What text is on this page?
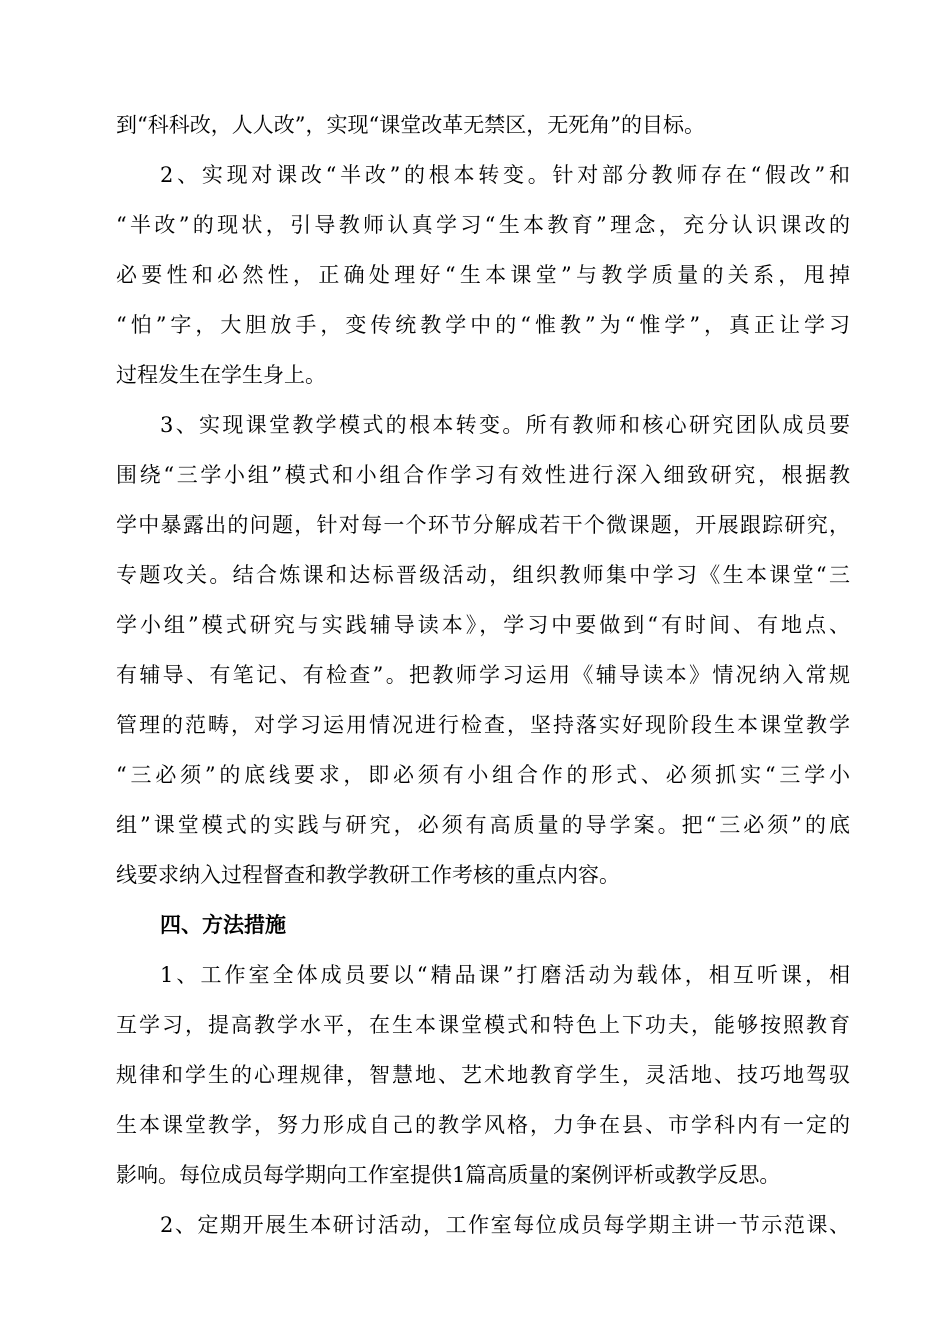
到“科科改，人人改”，实现“课堂改革无禁区，无死角”的目标。
2、实现对课改“半改”的根本转变。针对部分教师存在“假改”和
“半改”的现状，引导教师认真学习“生本教育”理念，充分认识课改的
必要性和必然性，正确处理好“生本课堂”与教学质量的关系，甩掉
“怕”字，大胆放手，变传统教学中的“惟教”为“惟学”，真正让学习
过程发生在学生身上。
3、实现课堂教学模式的根本转变。所有教师和核心研究团队成员要
围绕“三学小组”模式和小组合作学习有效性进行深入细致研究，根据教
学中暴露出的问题，针对每一个环节分解成若干个微课题，开展跟踪研究，
专题攻关。结合炼课和达标晋级活动，组织教师集中学习《生本课堂“三
学小组”模式研究与实践辅导读本》，学习中要做到“有时间、有地点、
有辅导、有笔记、有检查”。把教师学习运用《辅导读本》情况纳入常规
管理的范畴，对学习运用情况进行检查，坚持落实好现阶段生本课堂教学
“三必须”的底线要求，即必须有小组合作的形式、必须抓实“三学小
组”课堂模式的实践与研究，必须有高质量的导学案。把“三必须”的底
线要求纳入过程督查和教学教研工作考核的重点内容。
四、方法措施
1、工作室全体成员要以“精品课”打磨活动为载体，相互听课，相
互学习，提高教学水平，在生本课堂模式和特色上下功夫，能够按照教育
规律和学生的心理规律，智慧地、艺术地教育学生，灵活地、技巧地驾驭
生本课堂教学，努力形成自己的教学风格，力争在县、市学科内有一定的
影响。每位成员每学期向工作室提供1篇高质量的案例评析或教学反思。
2、定期开展生本研讨活动，工作室每位成员每学期主讲一节示范课、
